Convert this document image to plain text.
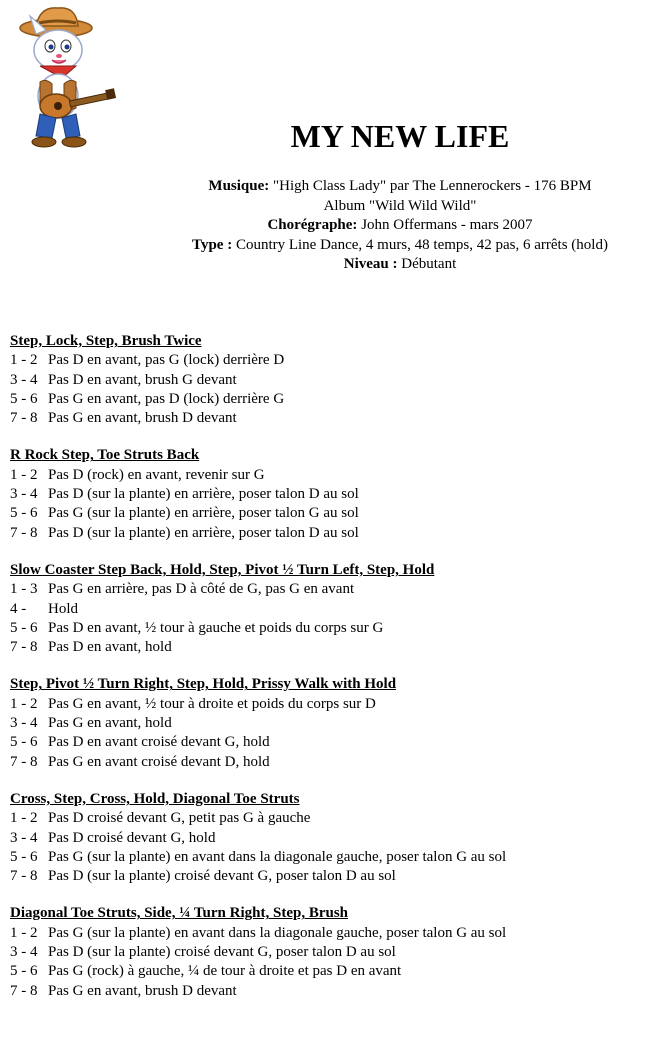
MY NEW LIFE
Musique: "High Class Lady" par The Lennerockers - 176 BPM
Album "Wild Wild Wild"
Chorégraphe: John Offermans - mars 2007
Type : Country Line Dance, 4 murs, 48 temps, 42 pas, 6 arrêts (hold)
Niveau : Débutant
Step, Lock, Step, Brush Twice
1 - 2 Pas D en avant, pas G (lock) derrière D
3 - 4 Pas D en avant, brush G devant
5 - 6 Pas G en avant, pas D (lock) derrière G
7 - 8 Pas G en avant, brush D devant
R Rock Step, Toe Struts Back
1 - 2 Pas D (rock) en avant, revenir sur G
3 - 4 Pas D (sur la plante) en arrière, poser talon D au sol
5 - 6 Pas G (sur la plante) en arrière, poser talon G au sol
7 - 8 Pas D (sur la plante) en arrière, poser talon D au sol
Slow Coaster Step Back, Hold, Step, Pivot ½ Turn Left, Step, Hold
1 - 3 Pas G en arrière, pas D à côté de G, pas G en avant
4 - Hold
5 - 6 Pas D en avant, ½ tour à gauche et poids du corps sur G
7 - 8 Pas D en avant, hold
Step, Pivot ½ Turn Right, Step, Hold, Prissy Walk with Hold
1 - 2 Pas G en avant, ½ tour à droite et poids du corps sur D
3 - 4 Pas G en avant, hold
5 - 6 Pas D en avant croisé devant G, hold
7 - 8 Pas G en avant croisé devant D, hold
Cross, Step, Cross, Hold, Diagonal Toe Struts
1 - 2 Pas D croisé devant G, petit pas G à gauche
3 - 4 Pas D croisé devant G, hold
5 - 6 Pas G (sur la plante) en avant dans la diagonale gauche, poser talon G au sol
7 - 8 Pas D (sur la plante) croisé devant G, poser talon D au sol
Diagonal Toe Struts, Side, ¼ Turn Right, Step, Brush
1 - 2 Pas G (sur la plante) en avant dans la diagonale gauche, poser talon G au sol
3 - 4 Pas D (sur la plante) croisé devant G, poser talon D au sol
5 - 6 Pas G (rock) à gauche, ¼ de tour à droite et pas D en avant
7 - 8 Pas G en avant, brush D devant
